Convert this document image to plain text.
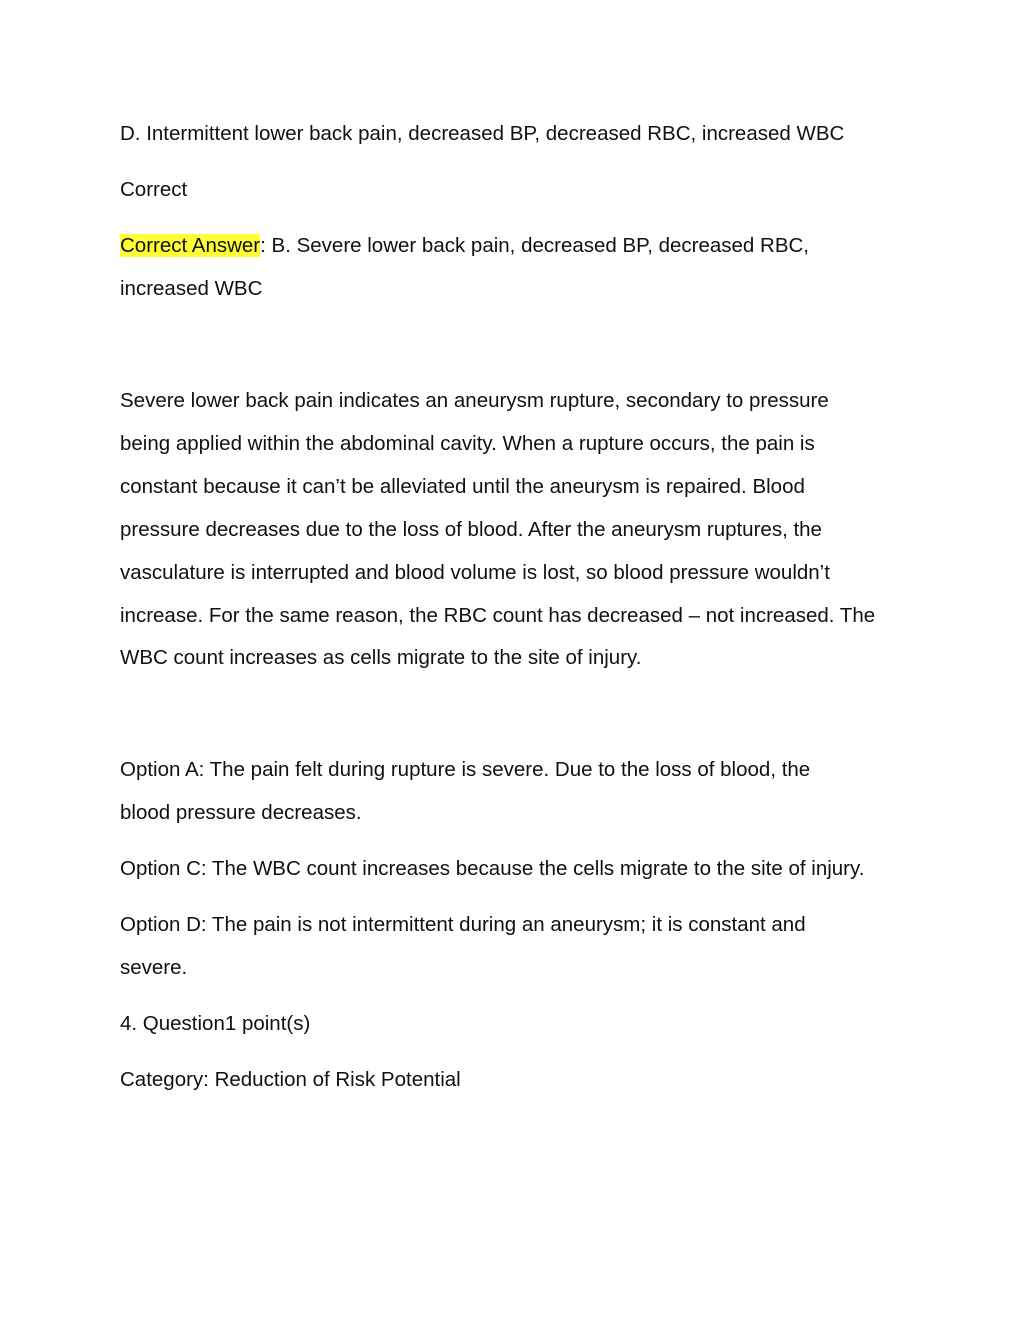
D. Intermittent lower back pain, decreased BP, decreased RBC, increased WBC

Correct

Correct Answer: B. Severe lower back pain, decreased BP, decreased RBC,

increased WBC

Severe lower back pain indicates an aneurysm rupture, secondary to pressure

being applied within the abdominal cavity. When a rupture occurs, the pain is

constant because it can’t be alleviated until the aneurysm is repaired. Blood

pressure decreases due to the loss of blood. After the aneurysm ruptures, the

vasculature is interrupted and blood volume is lost, so blood pressure wouldn’t

increase. For the same reason, the RBC count has decreased – not increased. The

WBC count increases as cells migrate to the site of injury.

Option A: The pain felt during rupture is severe. Due to the loss of blood, the

blood pressure decreases.

Option C: The WBC count increases because the cells migrate to the site of injury.

Option D: The pain is not intermittent during an aneurysm; it is constant and

severe.

4. Question1 point(s)

Category: Reduction of Risk Potential
